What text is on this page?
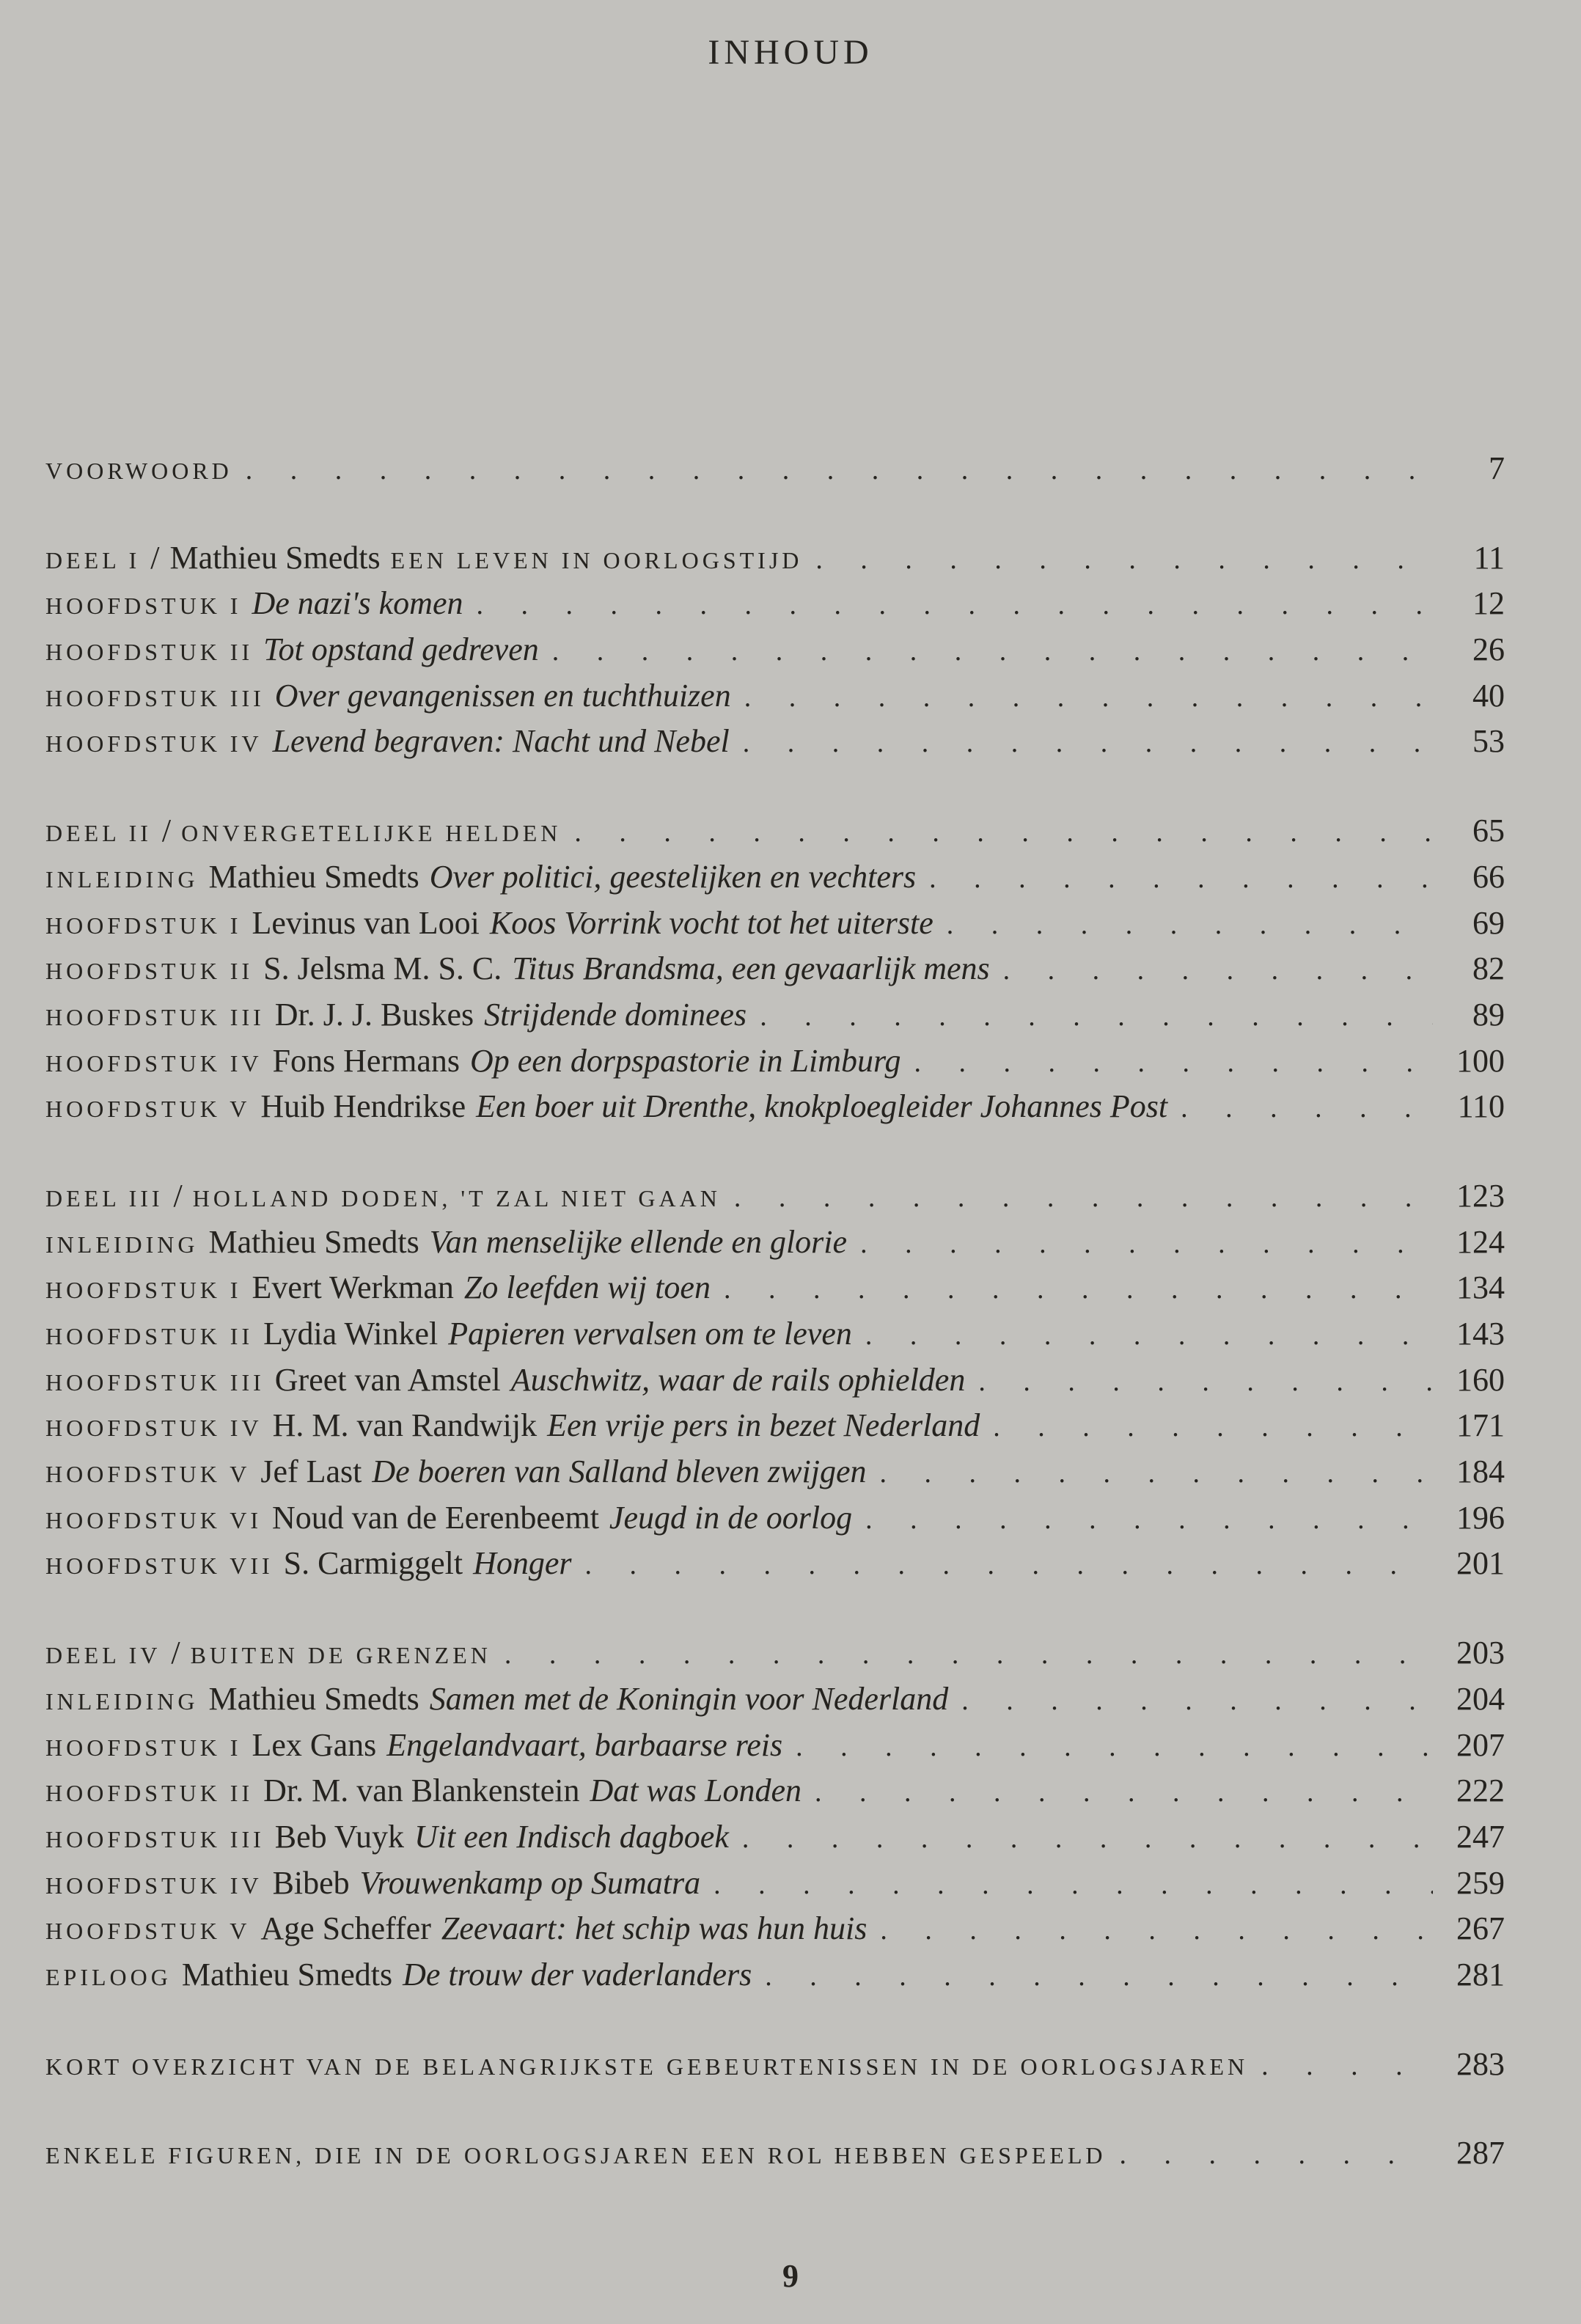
INHOUD
VOORWOORD . . .	7
DEEL I / Mathieu Smedts EEN LEVEN IN OORLOGSTIJD . . .	11
HOOFDSTUK I De nazi's komen . . .	12
HOOFDSTUK II Tot opstand gedreven . . .	26
HOOFDSTUK III Over gevangenissen en tuchthuizen . . .	40
HOOFDSTUK IV Levend begraven: Nacht und Nebel . . .	53
DEEL II / ONVERGETELIJKE HELDEN . . .	65
INLEIDING Mathieu Smedts Over politici, geestelijken en vechters . . .	66
HOOFDSTUK I Levinus van Looi Koos Vorrink vocht tot het uiterste . . .	69
HOOFDSTUK II S. Jelsma M. S. C. Titus Brandsma, een gevaarlijk mens . . .	82
HOOFDSTUK III Dr. J. J. Buskes Strijdende dominees . . .	89
HOOFDSTUK IV Fons Hermans Op een dorpspastorie in Limburg . . .	100
HOOFDSTUK V Huib Hendrikse Een boer uit Drenthe, knokploegleider Johannes Post . . .	110
DEEL III / HOLLAND DODEN, 'T ZAL NIET GAAN . . .	123
INLEIDING Mathieu Smedts Van menselijke ellende en glorie . . .	124
HOOFDSTUK I Evert Werkman Zo leefden wij toen . . .	134
HOOFDSTUK II Lydia Winkel Papieren vervalsen om te leven . . .	143
HOOFDSTUK III Greet van Amstel Auschwitz, waar de rails ophielden . . .	160
HOOFDSTUK IV H. M. van Randwijk Een vrije pers in bezet Nederland . . .	171
HOOFDSTUK V Jef Last De boeren van Salland bleven zwijgen . . .	184
HOOFDSTUK VI Noud van de Eerenbeemt Jeugd in de oorlog . . .	196
HOOFDSTUK VII S. Carmiggelt Honger . . .	201
DEEL IV / BUITEN DE GRENZEN . . .	203
INLEIDING Mathieu Smedts Samen met de Koningin voor Nederland . . .	204
HOOFDSTUK I Lex Gans Engelandvaart, barbaarse reis . . .	207
HOOFDSTUK II Dr. M. van Blankenstein Dat was Londen . . .	222
HOOFDSTUK III Beb Vuyk Uit een Indisch dagboek . . .	247
HOOFDSTUK IV Bibeb Vrouwenkamp op Sumatra . . .	259
HOOFDSTUK V Age Scheffer Zeevaart: het schip was hun huis . . .	267
EPILOOG Mathieu Smedts De trouw der vaderlanders . . .	281
KORT OVERZICHT VAN DE BELANGRIJKSTE GEBEURTENISSEN IN DE OORLOGSJAREN . . .	283
ENKELE FIGUREN, DIE IN DE OORLOGSJAREN EEN ROL HEBBEN GESPEELD . . .	287
9
